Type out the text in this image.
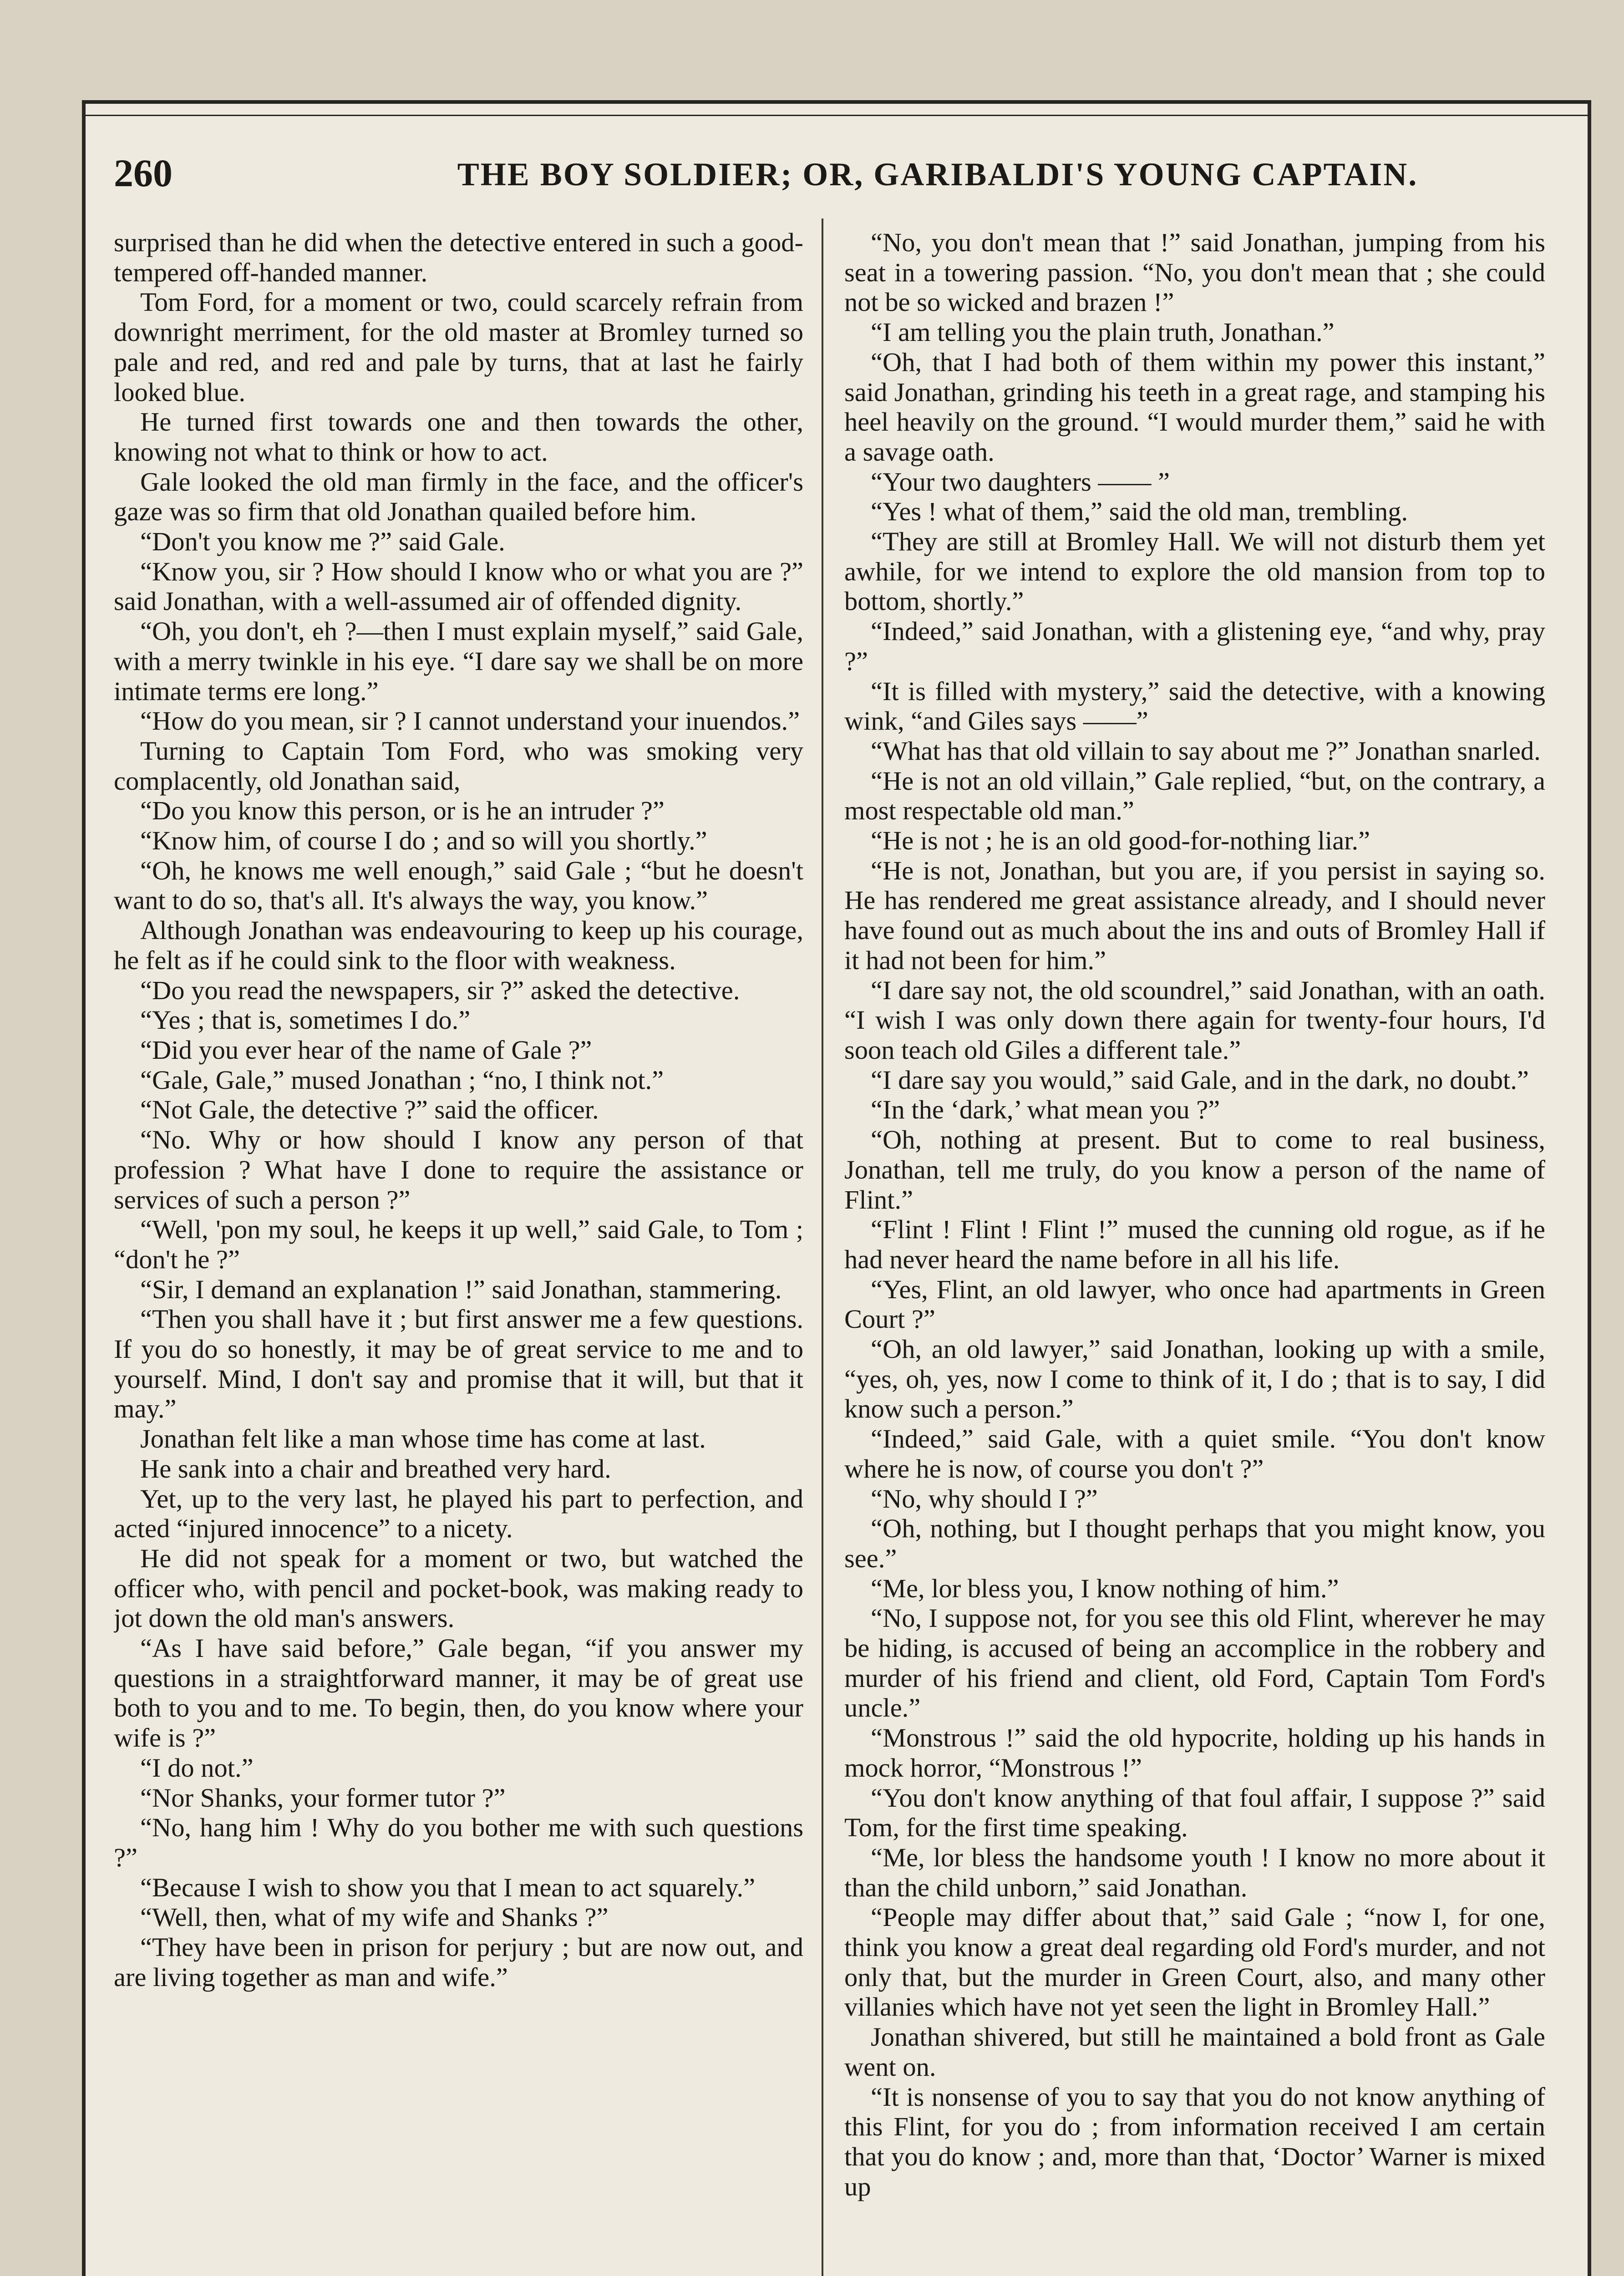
260	THE BOY SOLDIER; OR, GARIBALDI'S YOUNG CAPTAIN.

surprised than he did when the detective entered in such a good-tempered off-handed manner.

Tom Ford, for a moment or two, could scarcely refrain from downright merriment, for the old master at Bromley turned so pale and red, and red and pale by turns, that at last he fairly looked blue.

He turned first towards one and then towards the other, knowing not what to think or how to act.

Gale looked the old man firmly in the face, and the officer's gaze was so firm that old Jonathan quailed before him.

“Don't you know me ?” said Gale.

“Know you, sir ? How should I know who or what you are ?” said Jonathan, with a well-assumed air of offended dignity.

“Oh, you don't, eh ?—then I must explain myself,” said Gale, with a merry twinkle in his eye. “I dare say we shall be on more intimate terms ere long.”

“How do you mean, sir ? I cannot understand your inuendos.”

Turning to Captain Tom Ford, who was smoking very complacently, old Jonathan said,

“Do you know this person, or is he an intruder ?”

“Know him, of course I do ; and so will you shortly.”

“Oh, he knows me well enough,” said Gale ; “but he doesn't want to do so, that's all. It's always the way, you know.”

Although Jonathan was endeavouring to keep up his courage, he felt as if he could sink to the floor with weakness.

“Do you read the newspapers, sir ?” asked the detective.

“Yes ; that is, sometimes I do.”

“Did you ever hear of the name of Gale ?”

“Gale, Gale,” mused Jonathan ; “no, I think not.”

“Not Gale, the detective ?” said the officer.

“No. Why or how should I know any person of that profession ? What have I done to require the assistance or services of such a person ?”

“Well, 'pon my soul, he keeps it up well,” said Gale, to Tom ; “don't he ?”

“Sir, I demand an explanation !” said Jonathan, stammering.

“Then you shall have it ; but first answer me a few questions. If you do so honestly, it may be of great service to me and to yourself. Mind, I don't say and promise that it will, but that it may.”

Jonathan felt like a man whose time has come at last.

He sank into a chair and breathed very hard.

Yet, up to the very last, he played his part to perfection, and acted “injured innocence” to a nicety.

He did not speak for a moment or two, but watched the officer who, with pencil and pocket-book, was making ready to jot down the old man's answers.

“As I have said before,” Gale began, “if you answer my questions in a straightforward manner, it may be of great use both to you and to me. To begin, then, do you know where your wife is ?”

“I do not.”

“Nor Shanks, your former tutor ?”

“No, hang him ! Why do you bother me with such questions ?”

“Because I wish to show you that I mean to act squarely.”

“Well, then, what of my wife and Shanks ?”

“They have been in prison for perjury ; but are now out, and are living together as man and wife.”

“No, you don't mean that !” said Jonathan, jumping from his seat in a towering passion. “No, you don't mean that ; she could not be so wicked and brazen !”

“I am telling you the plain truth, Jonathan.”

“Oh, that I had both of them within my power this instant,” said Jonathan, grinding his teeth in a great rage, and stamping his heel heavily on the ground. “I would murder them,” said he with a savage oath.

“Your two daughters —— ”

“Yes ! what of them,” said the old man, trembling.

“They are still at Bromley Hall. We will not disturb them yet awhile, for we intend to explore the old mansion from top to bottom, shortly.”

“Indeed,” said Jonathan, with a glistening eye, “and why, pray ?”

“It is filled with mystery,” said the detective, with a knowing wink, “and Giles says ——”

“What has that old villain to say about me ?” Jonathan snarled.

“He is not an old villain,” Gale replied, “but, on the contrary, a most respectable old man.”

“He is not ; he is an old good-for-nothing liar.”

“He is not, Jonathan, but you are, if you persist in saying so. He has rendered me great assistance already, and I should never have found out as much about the ins and outs of Bromley Hall if it had not been for him.”

“I dare say not, the old scoundrel,” said Jonathan, with an oath. “I wish I was only down there again for twenty-four hours, I'd soon teach old Giles a different tale.”

“I dare say you would,” said Gale, and in the dark, no doubt.”

“In the ‘dark,’ what mean you ?”

“Oh, nothing at present. But to come to real business, Jonathan, tell me truly, do you know a person of the name of Flint.”

“Flint ! Flint ! Flint !” mused the cunning old rogue, as if he had never heard the name before in all his life.

“Yes, Flint, an old lawyer, who once had apartments in Green Court ?”

“Oh, an old lawyer,” said Jonathan, looking up with a smile, “yes, oh, yes, now I come to think of it, I do ; that is to say, I did know such a person.”

“Indeed,” said Gale, with a quiet smile. “You don't know where he is now, of course you don't ?”

“No, why should I ?”

“Oh, nothing, but I thought perhaps that you might know, you see.”

“Me, lor bless you, I know nothing of him.”

“No, I suppose not, for you see this old Flint, wherever he may be hiding, is accused of being an accomplice in the robbery and murder of his friend and client, old Ford, Captain Tom Ford's uncle.”

“Monstrous !” said the old hypocrite, holding up his hands in mock horror, “Monstrous !”

“You don't know anything of that foul affair, I suppose ?” said Tom, for the first time speaking.

“Me, lor bless the handsome youth ! I know no more about it than the child unborn,” said Jonathan.

“People may differ about that,” said Gale ; “now I, for one, think you know a great deal regarding old Ford's murder, and not only that, but the murder in Green Court, also, and many other villanies which have not yet seen the light in Bromley Hall.”

Jonathan shivered, but still he maintained a bold front as Gale went on.

“It is nonsense of you to say that you do not know anything of this Flint, for you do ; from information received I am certain that you do know ; and, more than that, ‘Doctor’ Warner is mixed up
